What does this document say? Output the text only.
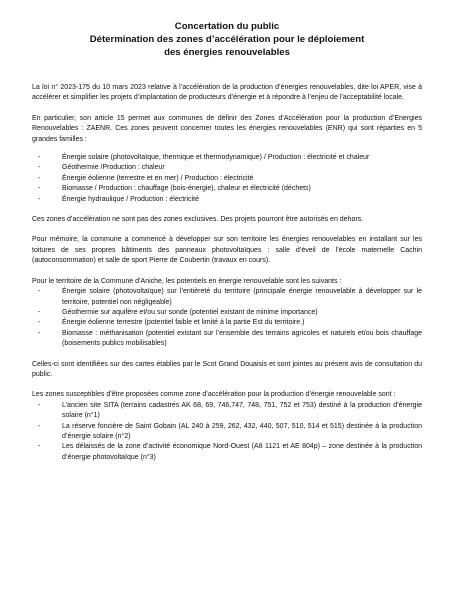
Concertation du public
Détermination des zones d’accélération pour le déploiement
des énergies renouvelables

La loi n° 2023-175 du 10 mars 2023 relative à l’accélération de la production d’énergies renouvelables, dite loi APER, vise à accélérer et simplifier les projets d’implantation de producteurs d’énergie et à répondre à l’enjeu de l’acceptabilité locale.

En particulier, son article 15 permet aux communes de définir des Zones d’Accélération pour la production d’Energies Renouvelables : ZAENR. Ces zones peuvent concerner toutes les énergies renouvelables (ENR) qui sont réparties en 5 grandes familles :

-	Énergie solaire (photovoltaïque, thermique et thermodynamique) / Production : électricité et chaleur
-	Géothermie /Production : chaleur
-	Énergie éolienne (terrestre et en mer) / Production : électricité
-	Biomasse / Production : chauffage (bois-énergie), chaleur et électricité (déchets)
-	Énergie hydraulique / Production : électricité

Ces zones d’accélération ne sont pas des zones exclusives. Des projets pourront être autorisés en dehors.

Pour mémoire, la commune a commencé à développer sur son territoire les énergies renouvelables en installant sur les toitures de ses propres bâtiments des panneaux photovoltaïques : salle d’éveil de l’école maternelle Cachin (autoconsommation) et salle de sport Pierre de Coubertin (travaux en cours).

Pour le territoire de la Commune d’Aniche, les potentiels en énergie renouvelable sont les suivants :

-	Énergie solaire (photovoltaïque) sur l’entièreté du territoire (principale énergie renouvelable à développer sur le territoire, potentiel non négligeable)
-	Géothermie sur aquifère et/ou sur sonde (potentiel existant de minime importance)
-	Énergie éolienne terrestre (potentiel faible et limité à la partie Est du territoire.)
-	Biomasse : méthanisation (potentiel existant sur l’ensemble des terrains agricoles et naturels et/ou bois chauffage (boisements publics mobilisables)

Celles-ci sont identifiées sur des cartes établies par le Scot Grand Douaisis et sont jointes au présent avis de consultation du public.

Les zones susceptibles d’être proposées comme zone d’accélération pour la production d’énergie renouvelable sont :

-	L’ancien site SITA (terrains cadastrés AK 68, 69, 746,747, 748, 751, 752 et 753) destiné à la production d’énergie solaire (n°1)
-	La réserve foncière de Saint Gobain (AL 240 à 259, 262, 432, 440, 507, 510, 514 et 515) destinée à la production d’énergie solaire (n°2)
-	Les délaissés de la zone d’activité économique Nord-Ouest (A8 1121 et AE 804p) – zone destinée à la production d’énergie photovoltaïque (n°3)
